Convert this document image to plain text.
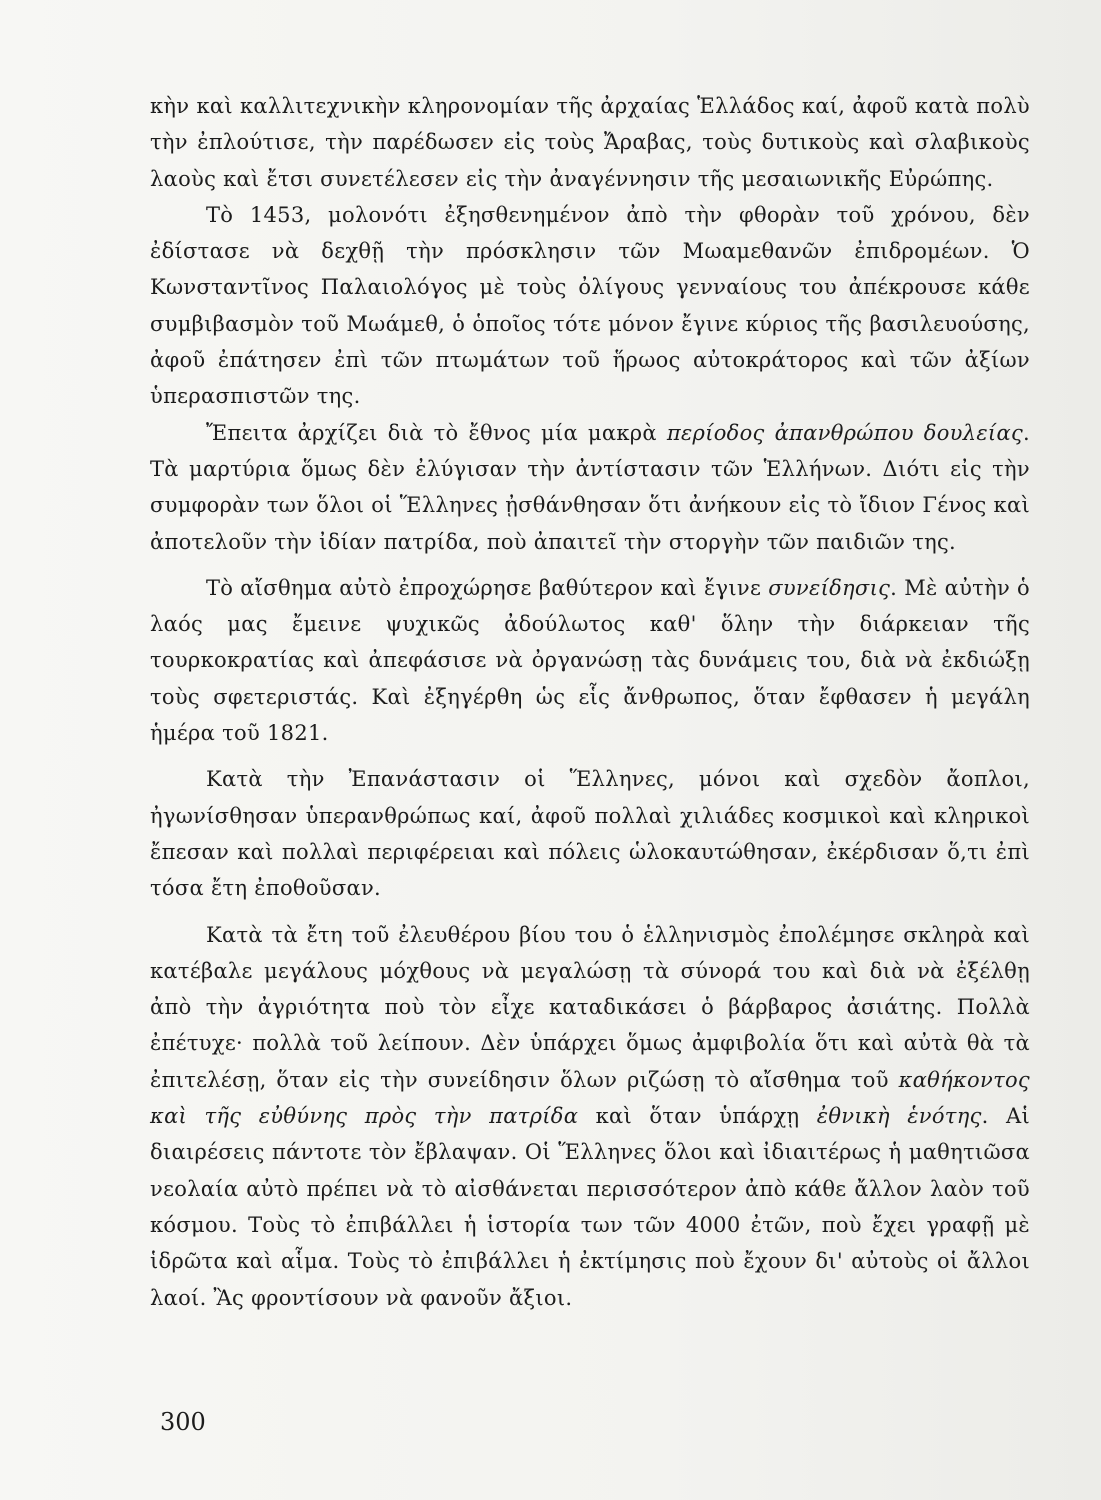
κὴν καὶ καλλιτεχνικὴν κληρονομίαν τῆς ἀρχαίας Ἑλλάδος καί, ἀφοῦ κατὰ πολὺ τὴν ἐπλούτισε, τὴν παρέδωσεν εἰς τοὺς Ἄραβας, τοὺς δυτικοὺς καὶ σλαβικοὺς λαοὺς καὶ ἔτσι συνετέλεσεν εἰς τὴν ἀναγέννησιν τῆς μεσαιωνικῆς Εὐρώπης.

Τὸ 1453, μολονότι ἐξησθενημένον ἀπὸ τὴν φθορὰν τοῦ χρόνου, δὲν ἐδίστασε νὰ δεχθῇ τὴν πρόσκλησιν τῶν Μωαμεθανῶν ἐπιδρομέων. Ὁ Κωνσταντῖνος Παλαιολόγος μὲ τοὺς ὀλίγους γενναίους του ἀπέκρουσε κάθε συμβιβασμὸν τοῦ Μωάμεθ, ὁ ὁποῖος τότε μόνον ἔγινε κύριος τῆς βασιλευούσης, ἀφοῦ ἐπάτησεν ἐπὶ τῶν πτωμάτων τοῦ ἥρωος αὐτοκράτορος καὶ τῶν ἀξίων ὑπερασπιστῶν της.

Ἔπειτα ἀρχίζει διὰ τὸ ἔθνος μία μακρὰ περίοδος ἀπανθρώπου δουλείας. Τὰ μαρτύρια ὅμως δὲν ἐλύγισαν τὴν ἀντίστασιν τῶν Ἑλλήνων. Διότι εἰς τὴν συμφορὰν των ὅλοι οἱ Ἕλληνες ᾐσθάνθησαν ὅτι ἀνήκουν εἰς τὸ ἴδιον Γένος καὶ ἀποτελοῦν τὴν ἰδίαν πατρίδα, ποὺ ἀπαιτεῖ τὴν στοργὴν τῶν παιδιῶν της.

Τὸ αἴσθημα αὐτὸ ἐπροχώρησε βαθύτερον καὶ ἔγινε συνείδησις. Μὲ αὐτὴν ὁ λαός μας ἔμεινε ψυχικῶς ἀδούλωτος καθ' ὅλην τὴν διάρκειαν τῆς τουρκοκρατίας καὶ ἀπεφάσισε νὰ ὀργανώσῃ τὰς δυνάμεις του, διὰ νὰ ἐκδιώξῃ τοὺς σφετεριστάς. Καὶ ἐξηγέρθη ὡς εἷς ἄνθρωπος, ὅταν ἔφθασεν ἡ μεγάλη ἡμέρα τοῦ 1821.

Κατὰ τὴν Ἐπανάστασιν οἱ Ἕλληνες, μόνοι καὶ σχεδὸν ἄοπλοι, ἠγωνίσθησαν ὑπερανθρώπως καί, ἀφοῦ πολλαὶ χιλιάδες κοσμικοὶ καὶ κληρικοὶ ἔπεσαν καὶ πολλαὶ περιφέρειαι καὶ πόλεις ὡλοκαυτώθησαν, ἐκέρδισαν ὅ,τι ἐπὶ τόσα ἔτη ἐποθοῦσαν.

Κατὰ τὰ ἔτη τοῦ ἐλευθέρου βίου του ὁ ἑλληνισμὸς ἐπολέμησε σκληρὰ καὶ κατέβαλε μεγάλους μόχθους νὰ μεγαλώσῃ τὰ σύνορά του καὶ διὰ νὰ ἐξέλθῃ ἀπὸ τὴν ἀγριότητα ποὺ τὸν εἶχε καταδικάσει ὁ βάρβαρος ἀσιάτης. Πολλὰ ἐπέτυχε· πολλὰ τοῦ λείπουν. Δὲν ὑπάρχει ὅμως ἀμφιβολία ὅτι καὶ αὐτὰ θὰ τὰ ἐπιτελέσῃ, ὅταν εἰς τὴν συνείδησιν ὅλων ριζώσῃ τὸ αἴσθημα τοῦ καθήκοντος καὶ τῆς εὐθύνης πρὸς τὴν πατρίδα καὶ ὅταν ὑπάρχῃ ἐθνικὴ ἑνότης. Αἱ διαιρέσεις πάντοτε τὸν ἔβλαψαν. Οἱ Ἕλληνες ὅλοι καὶ ἰδιαιτέρως ἡ μαθητιῶσα νεολαία αὐτὸ πρέπει νὰ τὸ αἰσθάνεται περισσότερον ἀπὸ κάθε ἄλλον λαὸν τοῦ κόσμου. Τοὺς τὸ ἐπιβάλλει ἡ ἱστορία των τῶν 4000 ἐτῶν, ποὺ ἔχει γραφῇ μὲ ἱδρῶτα καὶ αἷμα. Τοὺς τὸ ἐπιβάλλει ἡ ἐκτίμησις ποὺ ἔχουν δι' αὐτοὺς οἱ ἄλλοι λαοί. Ἂς φροντίσουν νὰ φανοῦν ἄξιοι.

300
